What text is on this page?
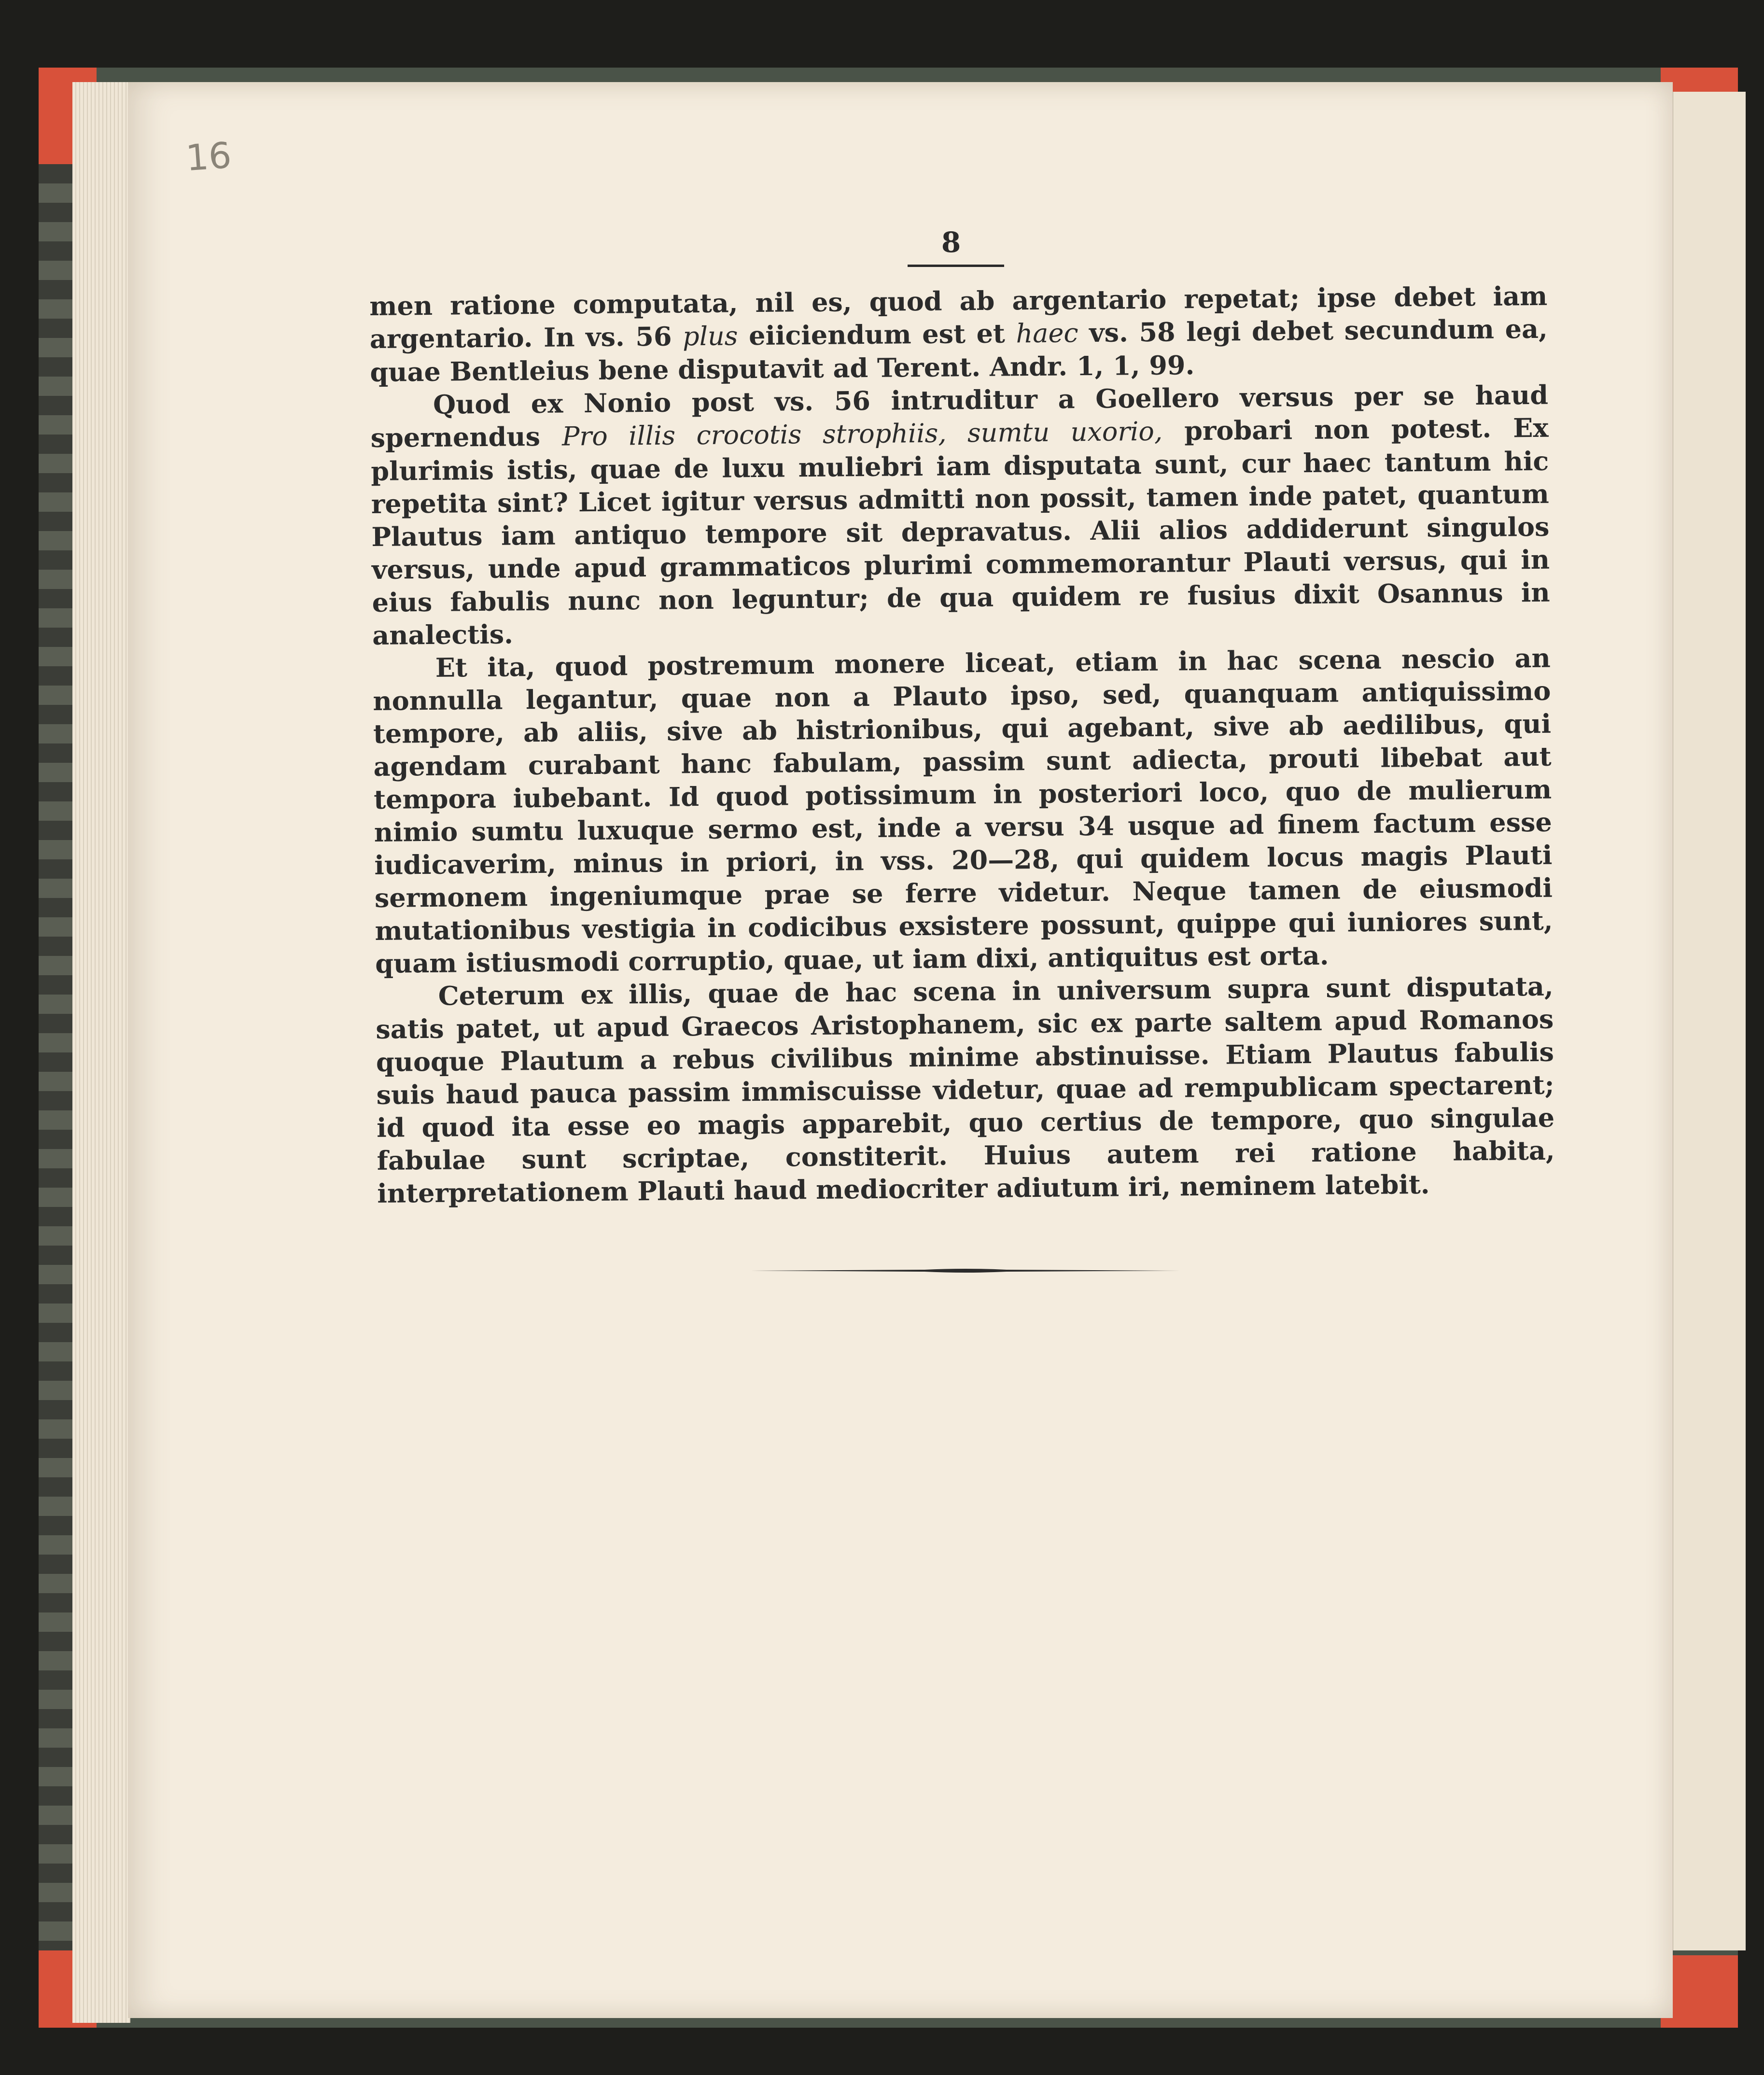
16
8

men ratione computata, nil es, quod ab argentario repetat; ipse debet iam argentario. In vs. 56 plus eiiciendum est et haec vs. 58 legi debet secundum ea, quae Bentleius bene disputavit ad Terent. Andr. 1, 1, 99.

Quod ex Nonio post vs. 56 intruditur a Goellero versus per se haud spernendus Pro illis crocotis strophiis, sumtu uxorio, probari non potest. Ex plurimis istis, quae de luxu muliebri iam disputata sunt, cur haec tantum hic repetita sint? Licet igitur versus admitti non possit, tamen inde patet, quantum Plautus iam antiquo tempore sit depravatus. Alii alios addiderunt singulos versus, unde apud grammaticos plurimi commemorantur Plauti versus, qui in eius fabulis nunc non leguntur; de qua quidem re fusius dixit Osannus in analectis.

Et ita, quod postremum monere liceat, etiam in hac scena nescio an nonnulla legantur, quae non a Plauto ipso, sed, quanquam antiquissimo tempore, ab aliis, sive ab histrionibus, qui agebant, sive ab aedilibus, qui agendam curabant hanc fabulam, passim sunt adiecta, prouti libebat aut tempora iubebant. Id quod potissimum in posteriori loco, quo de mulierum nimio sumtu luxuque sermo est, inde a versu 34 usque ad finem factum esse iudicaverim, minus in priori, in vss. 20—28, qui quidem locus magis Plauti sermonem ingeniumque prae se ferre videtur. Neque tamen de eiusmodi mutationibus vestigia in codicibus exsistere possunt, quippe qui iuniores sunt, quam istiusmodi corruptio, quae, ut iam dixi, antiquitus est orta.

Ceterum ex illis, quae de hac scena in universum supra sunt disputata, satis patet, ut apud Graecos Aristophanem, sic ex parte saltem apud Romanos quoque Plautum a rebus civilibus minime abstinuisse. Etiam Plautus fabulis suis haud pauca passim immiscuisse videtur, quae ad rempublicam spectarent; id quod ita esse eo magis apparebit, quo certius de tempore, quo singulae fabulae sunt scriptae, constiterit. Huius autem rei ratione habita, interpretationem Plauti haud mediocriter adiutum iri, neminem latebit.
